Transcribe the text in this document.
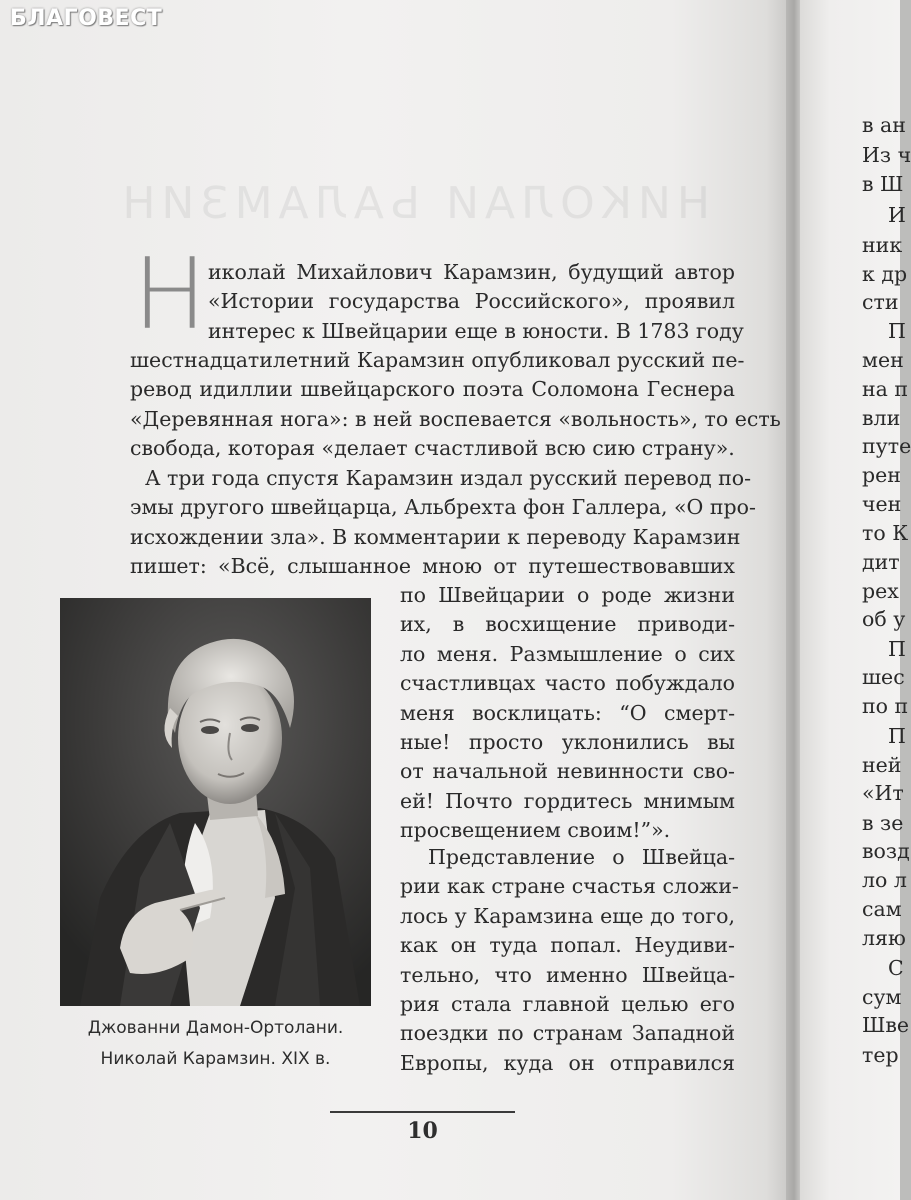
БЛАГОВЕСТ
НИКОЛАИ ЬАЛАМЗИН
Н иколай Михайлович Карамзин, будущий автор
«Истории государства Российского», проявил
интерес к Швейцарии еще в юности. В 1783 году
шестнадцатилетний Карамзин опубликовал русский пе-
ревод идиллии швейцарского поэта Соломона Геснера
«Деревянная нога»: в ней воспевается «вольность», то есть
свобода, которая «делает счастливой всю сию страну».
А три года спустя Карамзин издал русский перевод по-
эмы другого швейцарца, Альбрехта фон Галлера, «О про-
исхождении зла». В комментарии к переводу Карамзин
пишет: «Всё, слышанное мною от путешествовавших
по Швейцарии о роде жизни
их, в восхищение приводи-
ло меня. Размышление о сих
счастливцах часто побуждало
меня восклицать: “О смерт-
ные! просто уклонились вы
от начальной невинности сво-
ей! Почто гордитесь мнимым
просвещением своим!”».
Представление о Швейца-
рии как стране счастья сложи-
лось у Карамзина еще до того,
как он туда попал. Неудиви-
тельно, что именно Швейца-
рия стала главной целью его
поездки по странам Западной
Европы, куда он отправился
Джованни Дамон-Ортолани.
Николай Карамзин. XIX в.
10
в ан
Из ч
в Ш
И
ник
к др
сти
П
мен
на п
вли
путе
рен
чен
то К
дит
рех
об у
П
шес
по п
П
ней
«Ит
в зе
возд
ло л
сам
ляю
С
сум
Шве
тер
